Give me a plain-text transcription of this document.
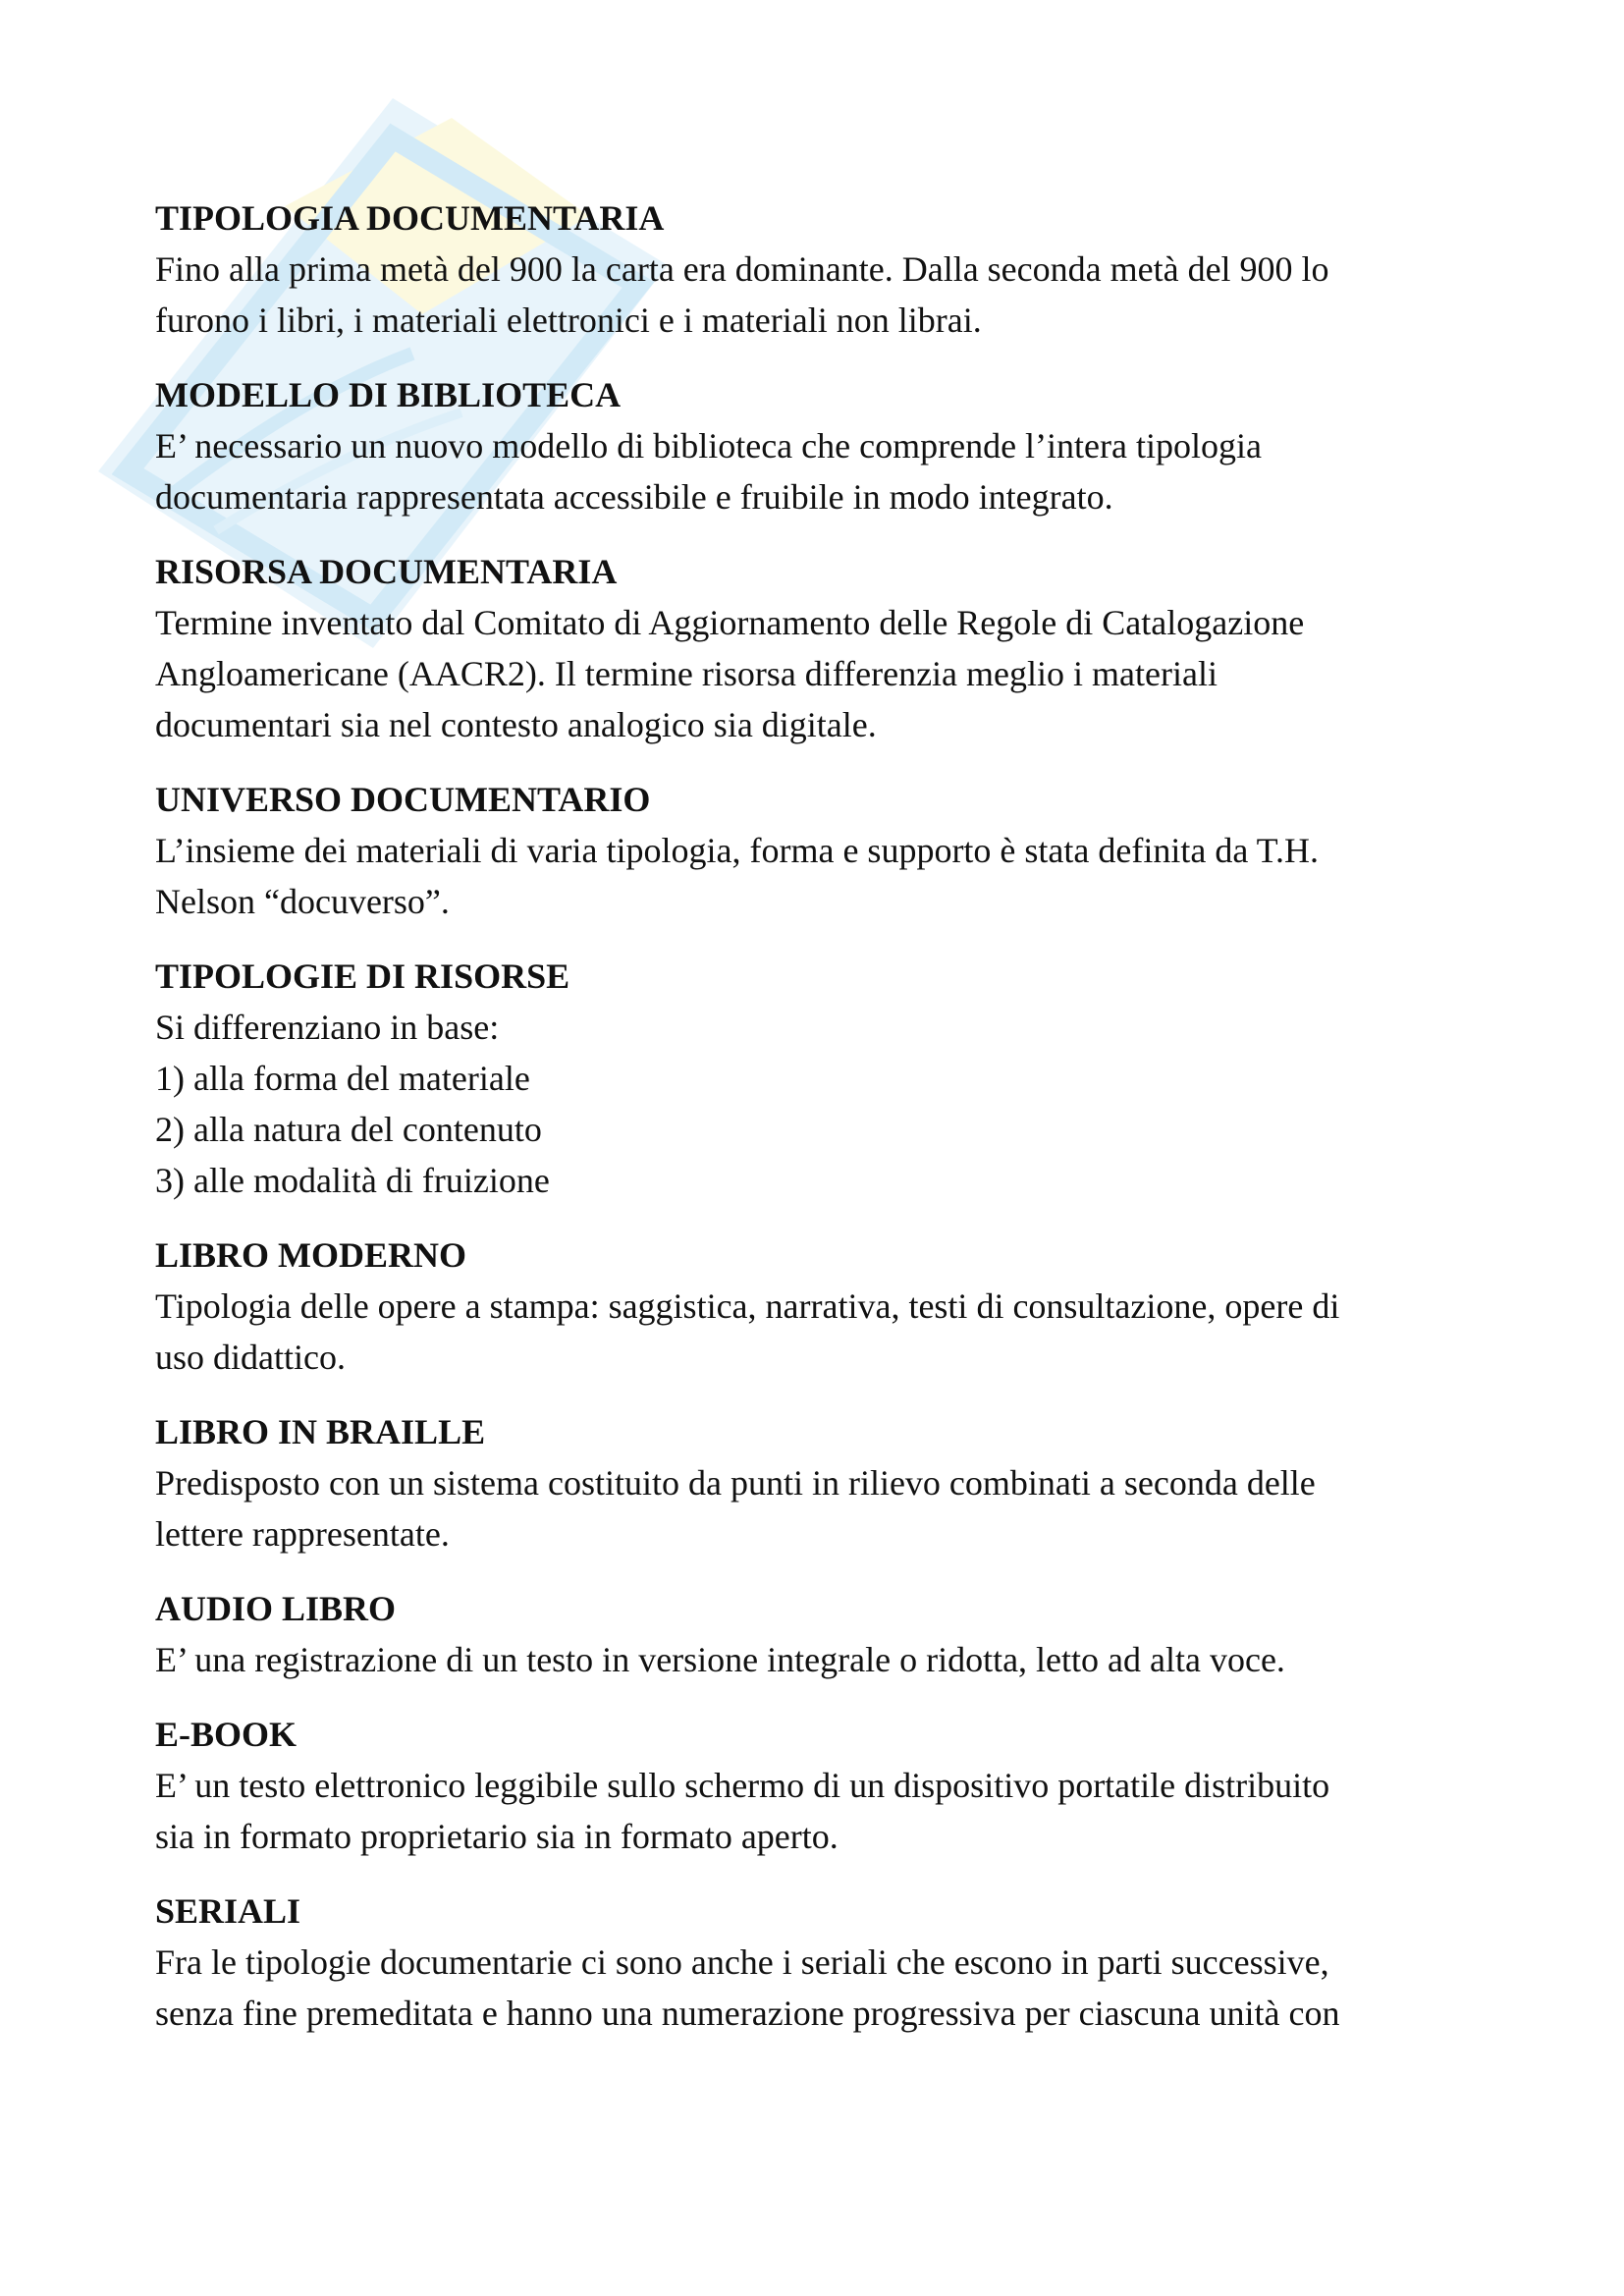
TIPOLOGIA DOCUMENTARIA

Fino alla prima metà del 900 la carta era dominante. Dalla seconda metà del 900 lo

furono i libri, i materiali elettronici e i materiali non librai.

MODELLO DI BIBLIOTECA

E’ necessario un nuovo modello di biblioteca che comprende l’intera tipologia

documentaria rappresentata accessibile e fruibile in modo integrato.

RISORSA DOCUMENTARIA

Termine inventato dal Comitato di Aggiornamento delle Regole di Catalogazione

Angloamericane (AACR2). Il termine risorsa differenzia meglio i materiali

documentari sia nel contesto analogico sia digitale.

UNIVERSO DOCUMENTARIO

L’insieme dei materiali di varia tipologia, forma e supporto è stata definita da T.H.

Nelson “docuverso”.

TIPOLOGIE DI RISORSE

Si differenziano in base:

1) alla forma del materiale

2) alla natura del contenuto

3) alle modalità di fruizione

LIBRO MODERNO

Tipologia delle opere a stampa: saggistica, narrativa, testi di consultazione, opere di

uso didattico.

LIBRO IN BRAILLE

Predisposto con un sistema costituito da punti in rilievo combinati a seconda delle

lettere rappresentate.

AUDIO LIBRO

E’ una registrazione di un testo in versione integrale o ridotta, letto ad alta voce.

E-BOOK

E’ un testo elettronico leggibile sullo schermo di un dispositivo portatile distribuito

sia in formato proprietario sia in formato aperto.

SERIALI

Fra le tipologie documentarie ci sono anche i seriali che escono in parti successive,

senza fine premeditata e hanno una numerazione progressiva per ciascuna unità con
